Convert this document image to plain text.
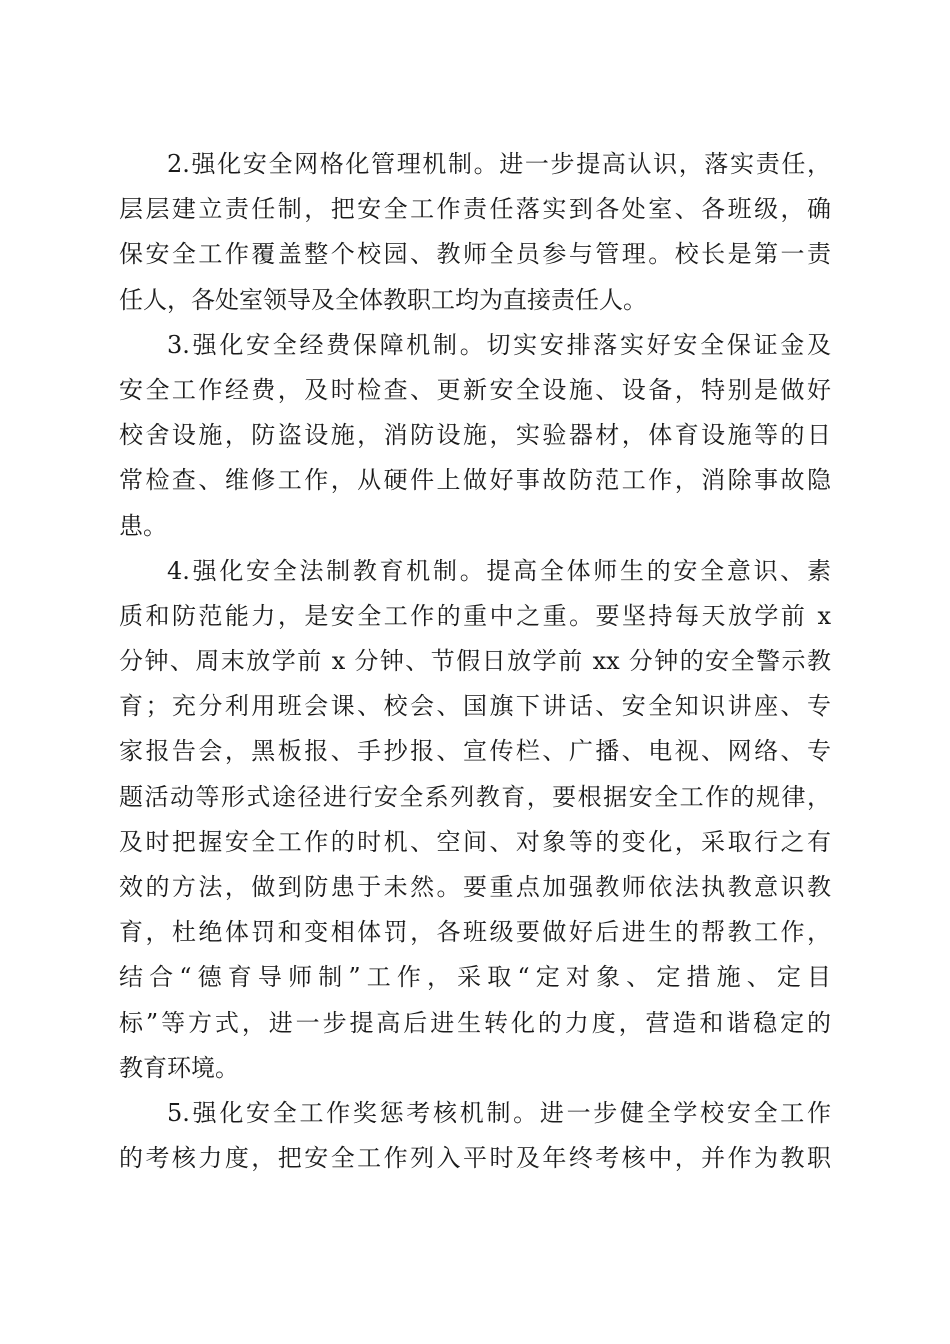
2.强化安全网格化管理机制。进一步提高认识，落实责任，
层层建立责任制，把安全工作责任落实到各处室、各班级，确
保安全工作覆盖整个校园、教师全员参与管理。校长是第一责
任人，各处室领导及全体教职工均为直接责任人。
3.强化安全经费保障机制。切实安排落实好安全保证金及
安全工作经费，及时检查、更新安全设施、设备，特别是做好
校舍设施，防盗设施，消防设施，实验器材，体育设施等的日
常检查、维修工作，从硬件上做好事故防范工作，消除事故隐
患。
4.强化安全法制教育机制。提高全体师生的安全意识、素
质和防范能力，是安全工作的重中之重。要坚持每天放学前 x
分钟、周末放学前 x 分钟、节假日放学前 xx 分钟的安全警示教
育；充分利用班会课、校会、国旗下讲话、安全知识讲座、专
家报告会，黑板报、手抄报、宣传栏、广播、电视、网络、专
题活动等形式途径进行安全系列教育，要根据安全工作的规律，
及时把握安全工作的时机、空间、对象等的变化，采取行之有
效的方法，做到防患于未然。要重点加强教师依法执教意识教
育，杜绝体罚和变相体罚，各班级要做好后进生的帮教工作，
结合“德育导师制”工作，采取“定对象、定措施、定目
标”等方式，进一步提高后进生转化的力度，营造和谐稳定的
教育环境。
5.强化安全工作奖惩考核机制。进一步健全学校安全工作
的考核力度，把安全工作列入平时及年终考核中，并作为教职
